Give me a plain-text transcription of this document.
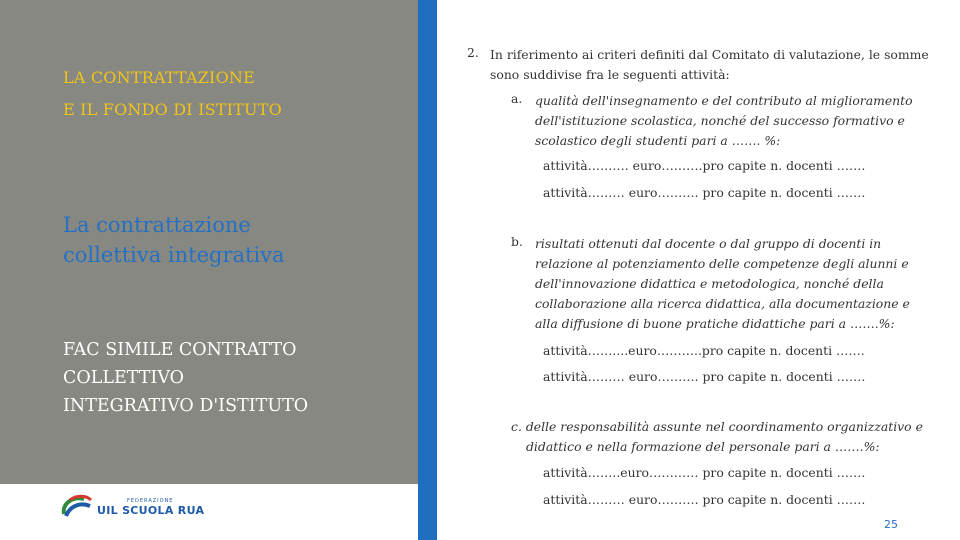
LA CONTRATTAZIONE
E IL FONDO DI ISTITUTO
La contrattazione
collettiva integrativa
FAC SIMILE CONTRATTO
COLLETTIVO
INTEGRATIVO D'ISTITUTO
FEDERAZIONE
UIL SCUOLA RUA
2. In riferimento ai criteri definiti dal Comitato di valutazione, le somme
sono suddivise fra le seguenti attività:
a. qualità dell'insegnamento e del contributo al miglioramento
dell'istituzione scolastica, nonché del successo formativo e
scolastico degli studenti pari a ……. %:
attività………. euro……….pro capite n. docenti …….
attività……… euro………. pro capite n. docenti …….
b. risultati ottenuti dal docente o dal gruppo di docenti in
relazione al potenziamento delle competenze degli alunni e
dell'innovazione didattica e metodologica, nonché della
collaborazione alla ricerca didattica, alla documentazione e
alla diffusione di buone pratiche didattiche pari a …….%:
attività……....euro………..pro capite n. docenti …….
attività……… euro………. pro capite n. docenti …….
c. delle responsabilità assunte nel coordinamento organizzativo e
didattico e nella formazione del personale pari a …….%:
attività……..euro………… pro capite n. docenti …….
attività……… euro………. pro capite n. docenti …….
25
